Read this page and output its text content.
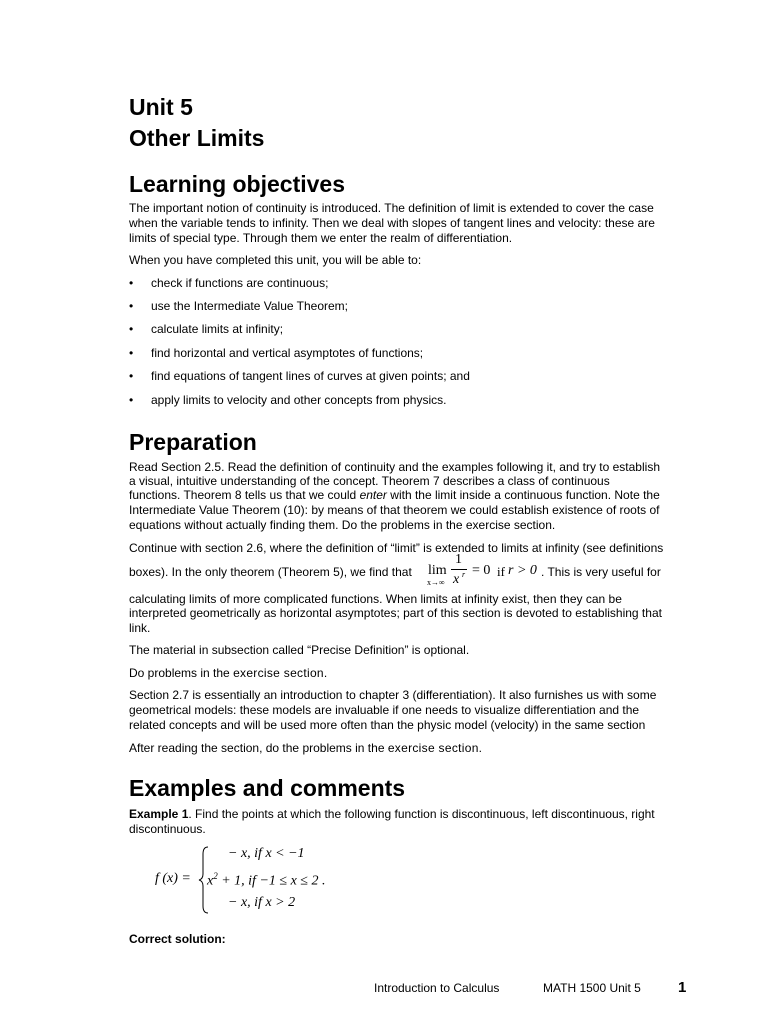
Unit 5
Other Limits
Learning objectives
The important notion of continuity is introduced. The definition of limit is extended to cover the case
when the variable tends to infinity. Then we deal with slopes of tangent lines and velocity: these are
limits of special type. Through them we enter the realm of differentiation.
When you have completed this unit, you will be able to:
• check if functions are continuous;
• use the Intermediate Value Theorem;
• calculate limits at infinity;
• find horizontal and vertical asymptotes of functions;
• find equations of tangent lines of curves at given points; and
• apply limits to velocity and other concepts from physics.
Preparation
Read Section 2.5. Read the definition of continuity and the examples following it, and try to establish
a visual, intuitive understanding of the concept. Theorem 7 describes a class of continuous
functions. Theorem 8 tells us that we could enter with the limit inside a continuous function. Note the
Intermediate Value Theorem (10): by means of that theorem we could establish existence of roots of
equations without actually finding them. Do the problems in the exercise section.
Continue with section 2.6, where the definition of “limit” is extended to limits at infinity (see definitions
boxes). In the only theorem (Theorem 5), we find that lim
x→∞
1
x r = 0 if r > 0 . This is very useful for
calculating limits of more complicated functions. When limits at infinity exist, then they can be
interpreted geometrically as horizontal asymptotes; part of this section is devoted to establishing that
link.
The material in subsection called “Precise Definition” is optional.
Do problems in the exercise section.
Section 2.7 is essentially an introduction to chapter 3 (differentiation). It also furnishes us with some
geometrical models: these models are invaluable if one needs to visualize differentiation and the
related concepts and will be used more often than the physic model (velocity) in the same section
After reading the section, do the problems in the exercise section.
Examples and comments
Example 1. Find the points at which the following function is discontinuous, left discontinuous, right
discontinuous.
f (x) =
− x, if x < −1
$x^2 + 1$, if −1 ≤ x ≤ 2 .
− x, if x > 2
Correct solution:
Introduction to Calculus	MATH 1500 Unit 5 1
